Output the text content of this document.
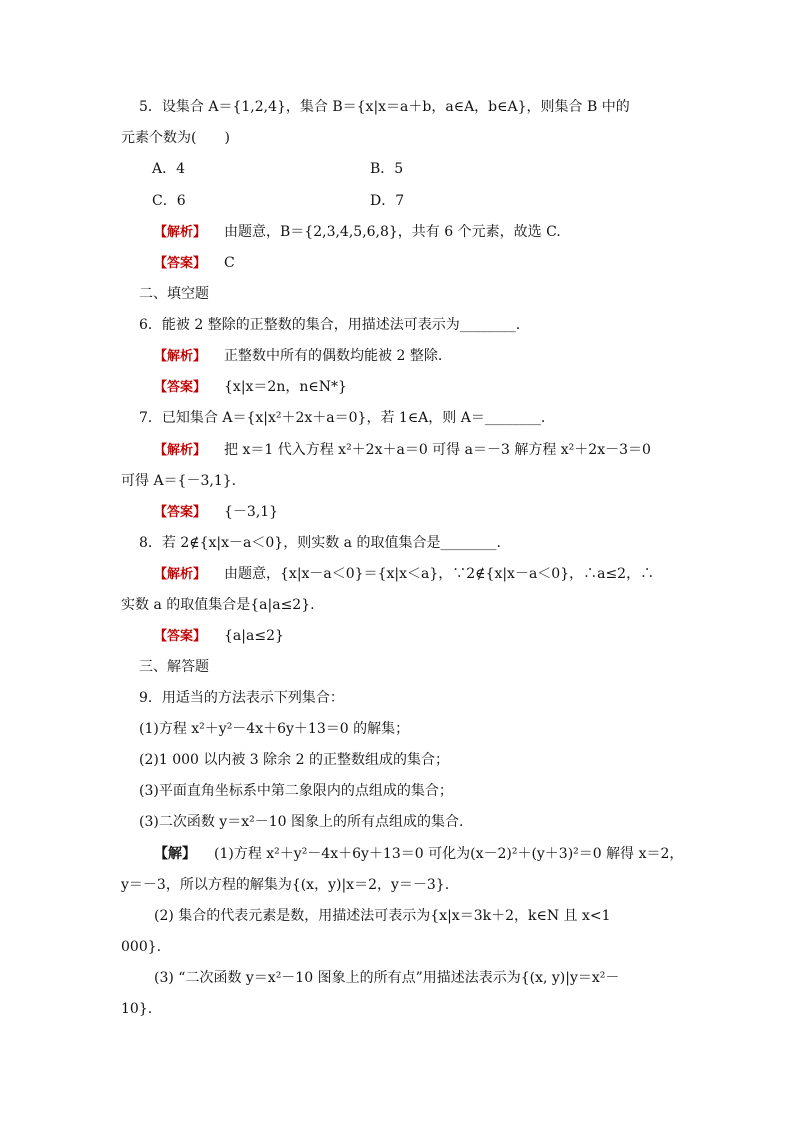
5．设集合 A＝{1,2,4}，集合 B＝{x|x＝a＋b，a∈A，b∈A}，则集合 B 中的
元素个数为(　　)
A．4	B．5
C．6	D．7
【解析】 由题意，B＝{2,3,4,5,6,8}，共有 6 个元素，故选 C.
【答案】 C
二、填空题
6．能被 2 整除的正整数的集合，用描述法可表示为________.
【解析】 正整数中所有的偶数均能被 2 整除.
【答案】 {x|x＝2n，n∈N*}
7．已知集合 A＝{x|x²＋2x＋a＝0}，若 1∈A，则 A＝________.
【解析】 把 x＝1 代入方程 x²＋2x＋a＝0 可得 a＝－3 解方程 x²＋2x－3＝0
可得 A＝{－3,1}.
【答案】 {－3,1}
8．若 2∉{x|x－a＜0}，则实数 a 的取值集合是________.
【解析】 由题意，{x|x－a＜0}＝{x|x＜a}，∵2∉{x|x－a＜0}，∴a≤2，∴
实数 a 的取值集合是{a|a≤2}.
【答案】 {a|a≤2}
三、解答题
9．用适当的方法表示下列集合：
(1)方程 x²＋y²－4x＋6y＋13＝0 的解集；
(2)1 000 以内被 3 除余 2 的正整数组成的集合；
(3)平面直角坐标系中第二象限内的点组成的集合；
(3)二次函数 y＝x²－10 图象上的所有点组成的集合.
【解】 (1)方程 x²＋y²－4x＋6y＋13＝0 可化为(x－2)²＋(y＋3)²＝0 解得 x＝2，
y＝－3，所以方程的解集为{(x，y)|x＝2，y＝－3}.
(2) 集合的代表元素是数，用描述法可表示为{x|x＝3k＋2，k∈N 且 x<1
000}.
(3) “二次函数 y＝x²－10 图象上的所有点”用描述法表示为{(x, y)|y＝x²－
10}.
